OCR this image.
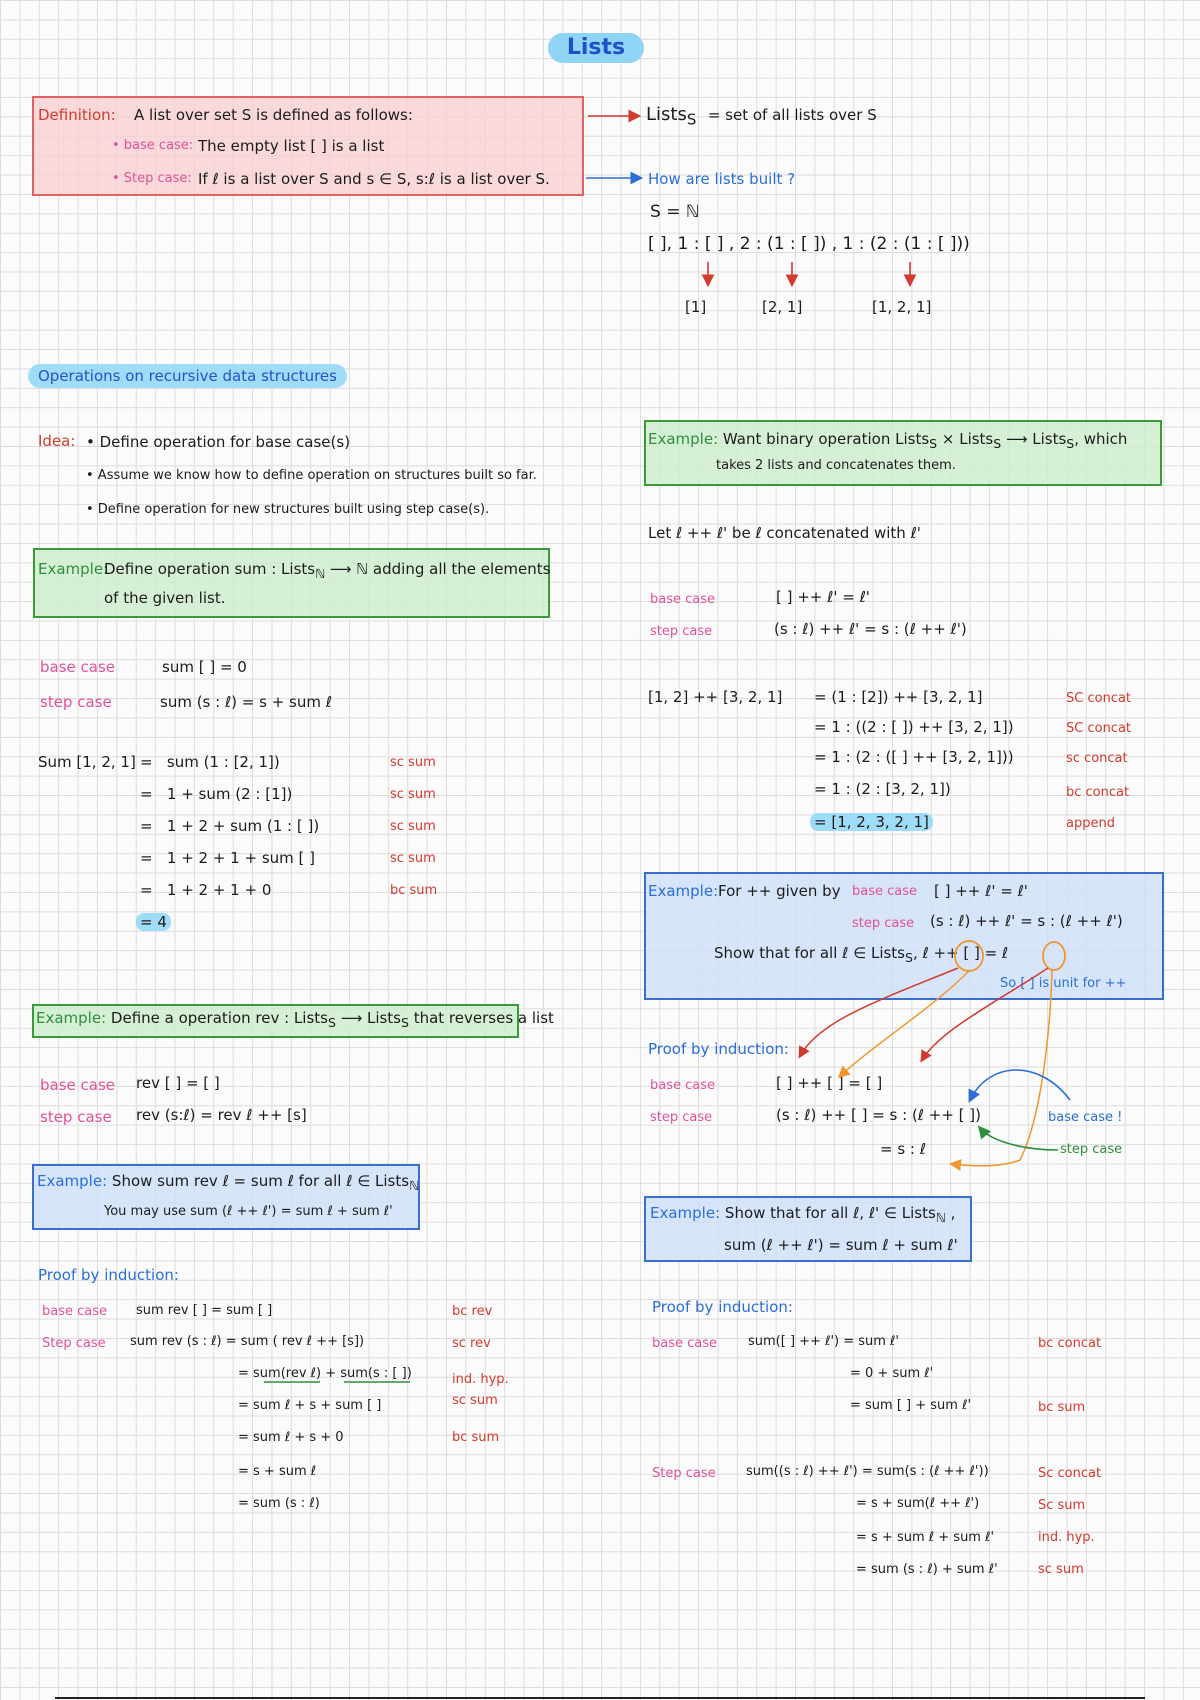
Lists
Definition: A list over set S is defined as follows:
• base case: The empty list [ ] is a list
• Step case: If ℓ is a list over S and s ∈ S, s:ℓ is a list over S.
Lists$_S$ = set of all lists over S
How are lists built ?
S = ℕ
[ ], 1 : [ ] , 2 : (1 : [ ]) , 1 : (2 : (1 : [ ]))
[1]	[2, 1]	[1, 2, 1]
Operations on recursive data structures
Idea: • Define operation for base case(s)
• Assume we know how to define operation on structures built so far.
• Define operation for new structures built using step case(s).
Example:
Define operation sum : Lists$_ℕ$ ⟶ ℕ adding all the elements
of the given list.
base case	sum [ ] = 0
step case	sum (s : ℓ) = s + sum ℓ
Sum [1, 2, 1] = sum (1 : [2, 1])	sc sum
= 1 + sum (2 : [1])	sc sum
= 1 + 2 + sum (1 : [ ])	sc sum
= 1 + 2 + 1 + sum [ ]	sc sum
= 1 + 2 + 1 + 0	bc sum
= 4
Example: Define a operation rev : Lists$_S$ ⟶ Lists$_S$ that reverses a list
base case rev [ ] = [ ]
step case rev (s:ℓ) = rev ℓ ++ [s]
Example: Show sum rev ℓ = sum ℓ for all ℓ ∈ Lists$_ℕ$
You may use sum (ℓ ++ ℓ') = sum ℓ + sum ℓ'
Proof by induction:
base case sum rev [ ] = sum [ ]	bc rev
Step case sum rev (s : ℓ) = sum ( rev ℓ ++ [s])	sc rev
= sum(rev ℓ) + sum(s : [ ])	ind. hyp.
= sum ℓ + s + sum [ ]	sc sum
= sum ℓ + s + 0	bc sum
= s + sum ℓ
= sum (s : ℓ)
Example: Want binary operation Lists$_S$ × Lists$_S$ ⟶ Lists$_S$, which
takes 2 lists and concatenates them.
Let ℓ ++ ℓ' be ℓ concatenated with ℓ'
base case	[ ] ++ ℓ' = ℓ'
step case	(s : ℓ) ++ ℓ' = s : (ℓ ++ ℓ')
[1, 2] ++ [3, 2, 1] = (1 : [2]) ++ [3, 2, 1]	SC concat
= 1 : ((2 : [ ]) ++ [3, 2, 1])	SC concat
= 1 : (2 : ([ ] ++ [3, 2, 1]))	sc concat
= 1 : (2 : [3, 2, 1])	bc concat
= [1, 2, 3, 2, 1]	append
Example: For ++ given by base case [ ] ++ ℓ' = ℓ'
step case (s : ℓ) ++ ℓ' = s : (ℓ ++ ℓ')
Show that for all ℓ ∈ Lists$_S$, ℓ ++ [ ] = ℓ
So [ ] is unit for ++
Proof by induction:
base case	[ ] ++ [ ] = [ ]
step case	(s : ℓ) ++ [ ] = s : (ℓ ++ [ ])
= s : ℓ
base case !
step case
Example: Show that for all ℓ, ℓ' ∈ Lists$_ℕ$ ,
sum (ℓ ++ ℓ') = sum ℓ + sum ℓ'
Proof by induction:
base case sum([ ] ++ ℓ') = sum ℓ'	bc concat
= 0 + sum ℓ'
= sum [ ] + sum ℓ'	bc sum
Step case sum((s : ℓ) ++ ℓ') = sum(s : (ℓ ++ ℓ'))	Sc concat
= s + sum(ℓ ++ ℓ')	Sc sum
= s + sum ℓ + sum ℓ'	ind. hyp.
= sum (s : ℓ) + sum ℓ'	sc sum
